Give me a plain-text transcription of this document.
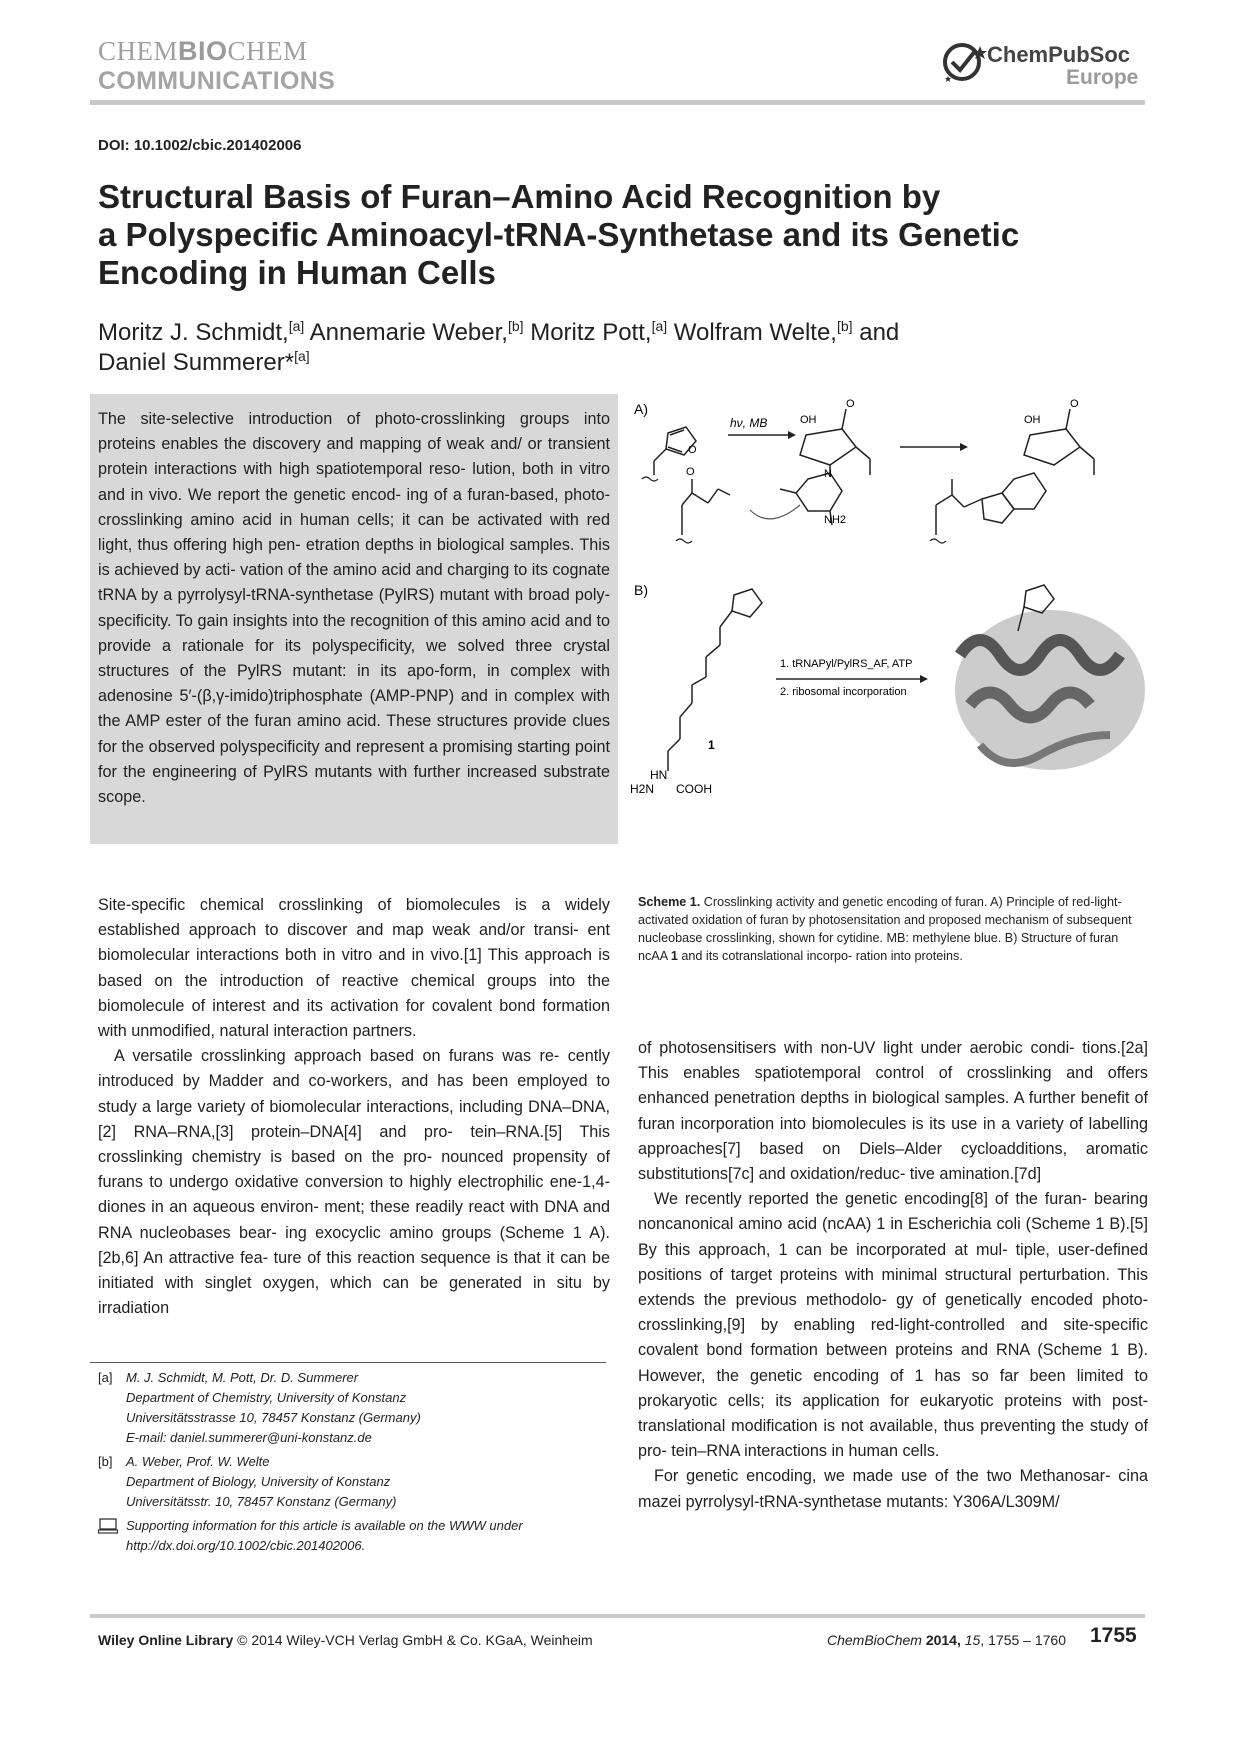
CHEMBIOCHEM
COMMUNICATIONS
ChemPubSoc
Europe
DOI: 10.1002/cbic.201402006
Structural Basis of Furan–Amino Acid Recognition by
a Polyspecific Aminoacyl-tRNA-Synthetase and its Genetic
Encoding in Human Cells
Moritz J. Schmidt,[a] Annemarie Weber,[b] Moritz Pott,[a] Wolfram Welte,[b] and
Daniel Summerer*[a]
The site-selective introduction of photo-crosslinking groups into proteins enables the discovery and mapping of weak and/ or transient protein interactions with high spatiotemporal reso- lution, both in vitro and in vivo. We report the genetic encod- ing of a furan-based, photo-crosslinking amino acid in human cells; it can be activated with red light, thus offering high pen- etration depths in biological samples. This is achieved by acti- vation of the amino acid and charging to its cognate tRNA by a pyrrolysyl-tRNA-synthetase (PylRS) mutant with broad poly- specificity. To gain insights into the recognition of this amino acid and to provide a rationale for its polyspecificity, we solved three crystal structures of the PylRS mutant: in its apo-form, in complex with adenosine 5′-(β,γ-imido)triphosphate (AMP-PNP) and in complex with the AMP ester of the furan amino acid. These structures provide clues for the observed polyspecificity and represent a promising starting point for the engineering of PylRS mutants with further increased substrate scope.
A)
O
hν, MB
O
OH
O
NH2
N
OH
O
B)
HN
1
H2N COOH
1. tRNAPyl/PylRS_AF, ATP
2. ribosomal incorporation
Scheme 1. Crosslinking activity and genetic encoding of furan. A) Principle of red-light-activated oxidation of furan by photosensitation and proposed mechanism of subsequent nucleobase crosslinking, shown for cytidine. MB: methylene blue. B) Structure of furan ncAA 1 and its cotranslational incorpo- ration into proteins.

Site-specific chemical crosslinking of biomolecules is a widely established approach to discover and map weak and/or transi- ent biomolecular interactions both in vitro and in vivo.[1] This approach is based on the introduction of reactive chemical groups into the biomolecule of interest and its activation for covalent bond formation with unmodified, natural interaction partners.

A versatile crosslinking approach based on furans was re- cently introduced by Madder and co-workers, and has been employed to study a large variety of biomolecular interactions, including DNA–DNA,[2] RNA–RNA,[3] protein–DNA[4] and pro- tein–RNA.[5] This crosslinking chemistry is based on the pro- nounced propensity of furans to undergo oxidative conversion to highly electrophilic ene-1,4-diones in an aqueous environ- ment; these readily react with DNA and RNA nucleobases bear- ing exocyclic amino groups (Scheme 1 A).[2b,6] An attractive fea- ture of this reaction sequence is that it can be initiated with singlet oxygen, which can be generated in situ by irradiation

of photosensitisers with non-UV light under aerobic condi- tions.[2a] This enables spatiotemporal control of crosslinking and offers enhanced penetration depths in biological samples. A further benefit of furan incorporation into biomolecules is its use in a variety of labelling approaches[7] based on Diels–Alder cycloadditions, aromatic substitutions[7c] and oxidation/reduc- tive amination.[7d]

We recently reported the genetic encoding[8] of the furan- bearing noncanonical amino acid (ncAA) 1 in Escherichia coli (Scheme 1 B).[5] By this approach, 1 can be incorporated at mul- tiple, user-defined positions of target proteins with minimal structural perturbation. This extends the previous methodolo- gy of genetically encoded photo-crosslinking,[9] by enabling red-light-controlled and site-specific covalent bond formation between proteins and RNA (Scheme 1 B). However, the genetic encoding of 1 has so far been limited to prokaryotic cells; its application for eukaryotic proteins with post-translational modification is not available, thus preventing the study of pro- tein–RNA interactions in human cells.

For genetic encoding, we made use of the two Methanosar- cina mazei pyrrolysyl-tRNA-synthetase mutants: Y306A/L309M/

[a]	M. J. Schmidt, M. Pott, Dr. D. Summerer
Department of Chemistry, University of Konstanz
Universitätsstrasse 10, 78457 Konstanz (Germany)
E-mail: daniel.summerer@uni-konstanz.de
[b]	A. Weber, Prof. W. Welte
Department of Biology, University of Konstanz
Universitätsstr. 10, 78457 Konstanz (Germany)
Supporting information for this article is available on the WWW under
http://dx.doi.org/10.1002/cbic.201402006.
Wiley Online Library © 2014 Wiley-VCH Verlag GmbH & Co. KGaA, Weinheim	ChemBioChem 2014, 15, 1755 – 1760 1755
